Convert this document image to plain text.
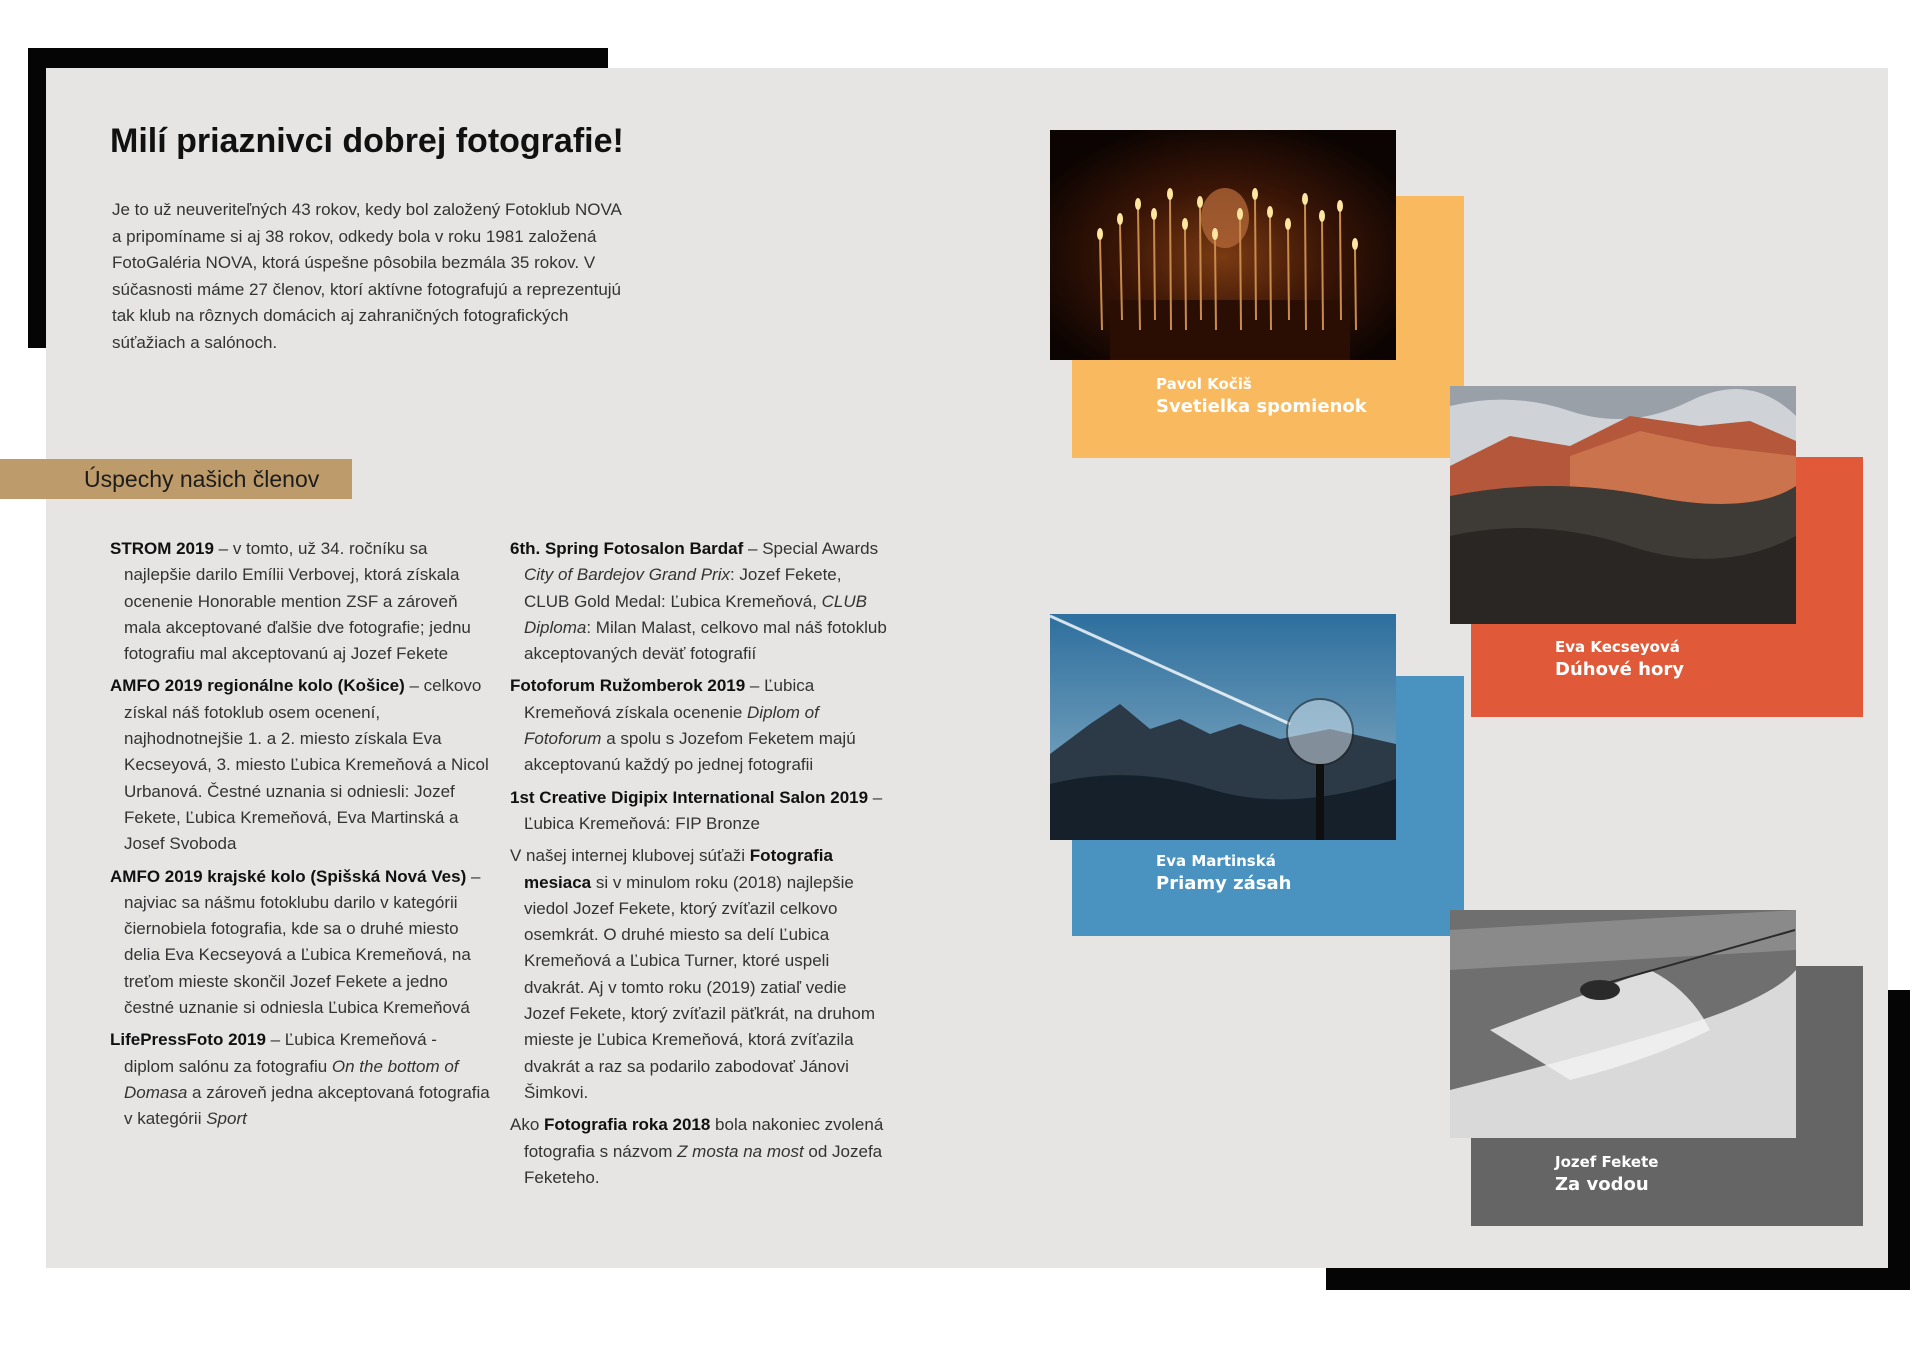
Milí priaznivci dobrej fotografie!

Je to už neuveriteľných 43 rokov, kedy bol založený Fotoklub NOVA a pripomíname si aj 38 rokov, odkedy bola v roku 1981 založená FotoGaléria NOVA, ktorá úspešne pôsobila bezmála 35 rokov. V súčasnosti máme 27 členov, ktorí aktívne fotografujú a reprezentujú tak klub na rôznych domácich aj zahraničných fotografických súťažiach a salónoch.

Úspechy našich členov

STROM 2019 – v tomto, už 34. ročníku sa najlepšie darilo Emílii Verbovej, ktorá získala ocenenie Honorable mention ZSF a zároveň mala akceptované ďalšie dve fotografie; jednu fotografiu mal akceptovanú aj Jozef Fekete

AMFO 2019 regionálne kolo (Košice) – celkovo získal náš fotoklub osem ocenení, najhodnotnejšie 1. a 2. miesto získala Eva Kecseyová, 3. miesto Ľubica Kremeňová a Nicol Urbanová. Čestné uznania si odniesli: Jozef Fekete, Ľubica Kremeňová, Eva Martinská a Josef Svoboda

AMFO 2019 krajské kolo (Spišská Nová Ves) – najviac sa nášmu fotoklubu darilo v kategórii čiernobiela fotografia, kde sa o druhé miesto delia Eva Kecseyová a Ľubica Kremeňová, na treťom mieste skončil Jozef Fekete a jedno čestné uznanie si odniesla Ľubica Kremeňová

LifePressFoto 2019 – Ľubica Kremeňová - diplom salónu za fotografiu On the bottom of Domasa a zároveň jedna akceptovaná fotografia v kategórii Sport

6th. Spring Fotosalon Bardaf – Special Awards City of Bardejov Grand Prix: Jozef Fekete, CLUB Gold Medal: Ľubica Kremeňová, CLUB Diploma: Milan Malast, celkovo mal náš fotoklub akceptovaných deväť fotografií

Fotoforum Ružomberok 2019 – Ľubica Kremeňová získala ocenenie Diplom of Fotoforum a spolu s Jozefom Feketem majú akceptovanú každý po jednej fotografii

1st Creative Digipix International Salon 2019 – Ľubica Kremeňová: FIP Bronze

V našej internej klubovej súťaži Fotografia mesiaca si v minulom roku (2018) najlepšie viedol Jozef Fekete, ktorý zvíťazil celkovo osemkrát. O druhé miesto sa delí Ľubica Kremeňová a Ľubica Turner, ktoré uspeli dvakrát. Aj v tomto roku (2019) zatiaľ vedie Jozef Fekete, ktorý zvíťazil päťkrát, na druhom mieste je Ľubica Kremeňová, ktorá zvíťazila dvakrát a raz sa podarilo zabodovať Jánovi Šimkovi.

Ako Fotografia roka 2018 bola nakoniec zvolená fotografia s názvom Z mosta na most od Jozefa Feketeho.

Pavol Kočiš
Svetielka spomienok
Eva Kecseyová
Dúhové hory
Eva Martinská
Priamy zásah
Jozef Fekete
Za vodou
